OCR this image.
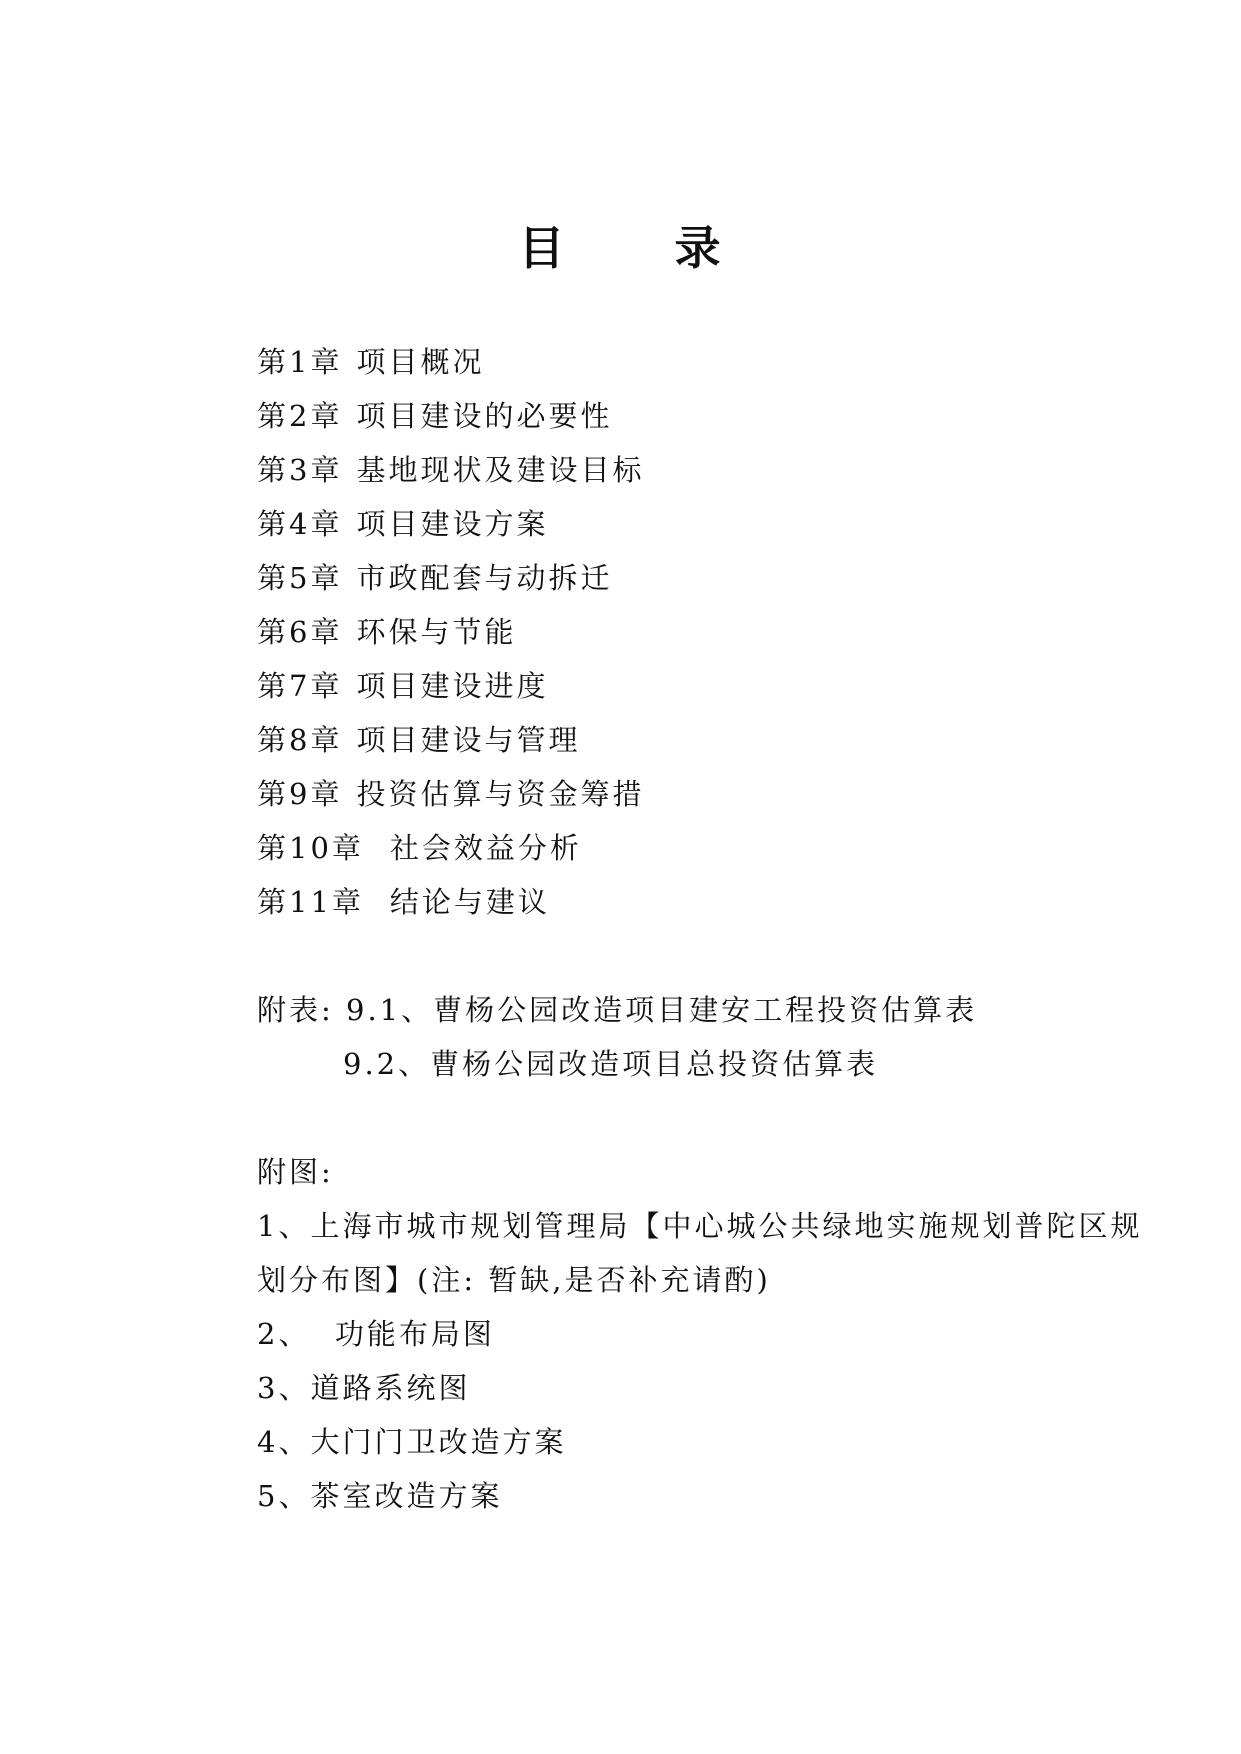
目 录
第1章 项目概况
第2章 项目建设的必要性
第3章 基地现状及建设目标
第4章 项目建设方案
第5章 市政配套与动拆迁
第6章 环保与节能
第7章 项目建设进度
第8章 项目建设与管理
第9章 投资估算与资金筹措
第10章 社会效益分析
第11章 结论与建议
附表: 9.1、曹杨公园改造项目建安工程投资估算表
9.2、曹杨公园改造项目总投资估算表
附图:
1、上海市城市规划管理局【中心城公共绿地实施规划普陀区规
划分布图】(注: 暂缺,是否补充请酌)
2、  功能布局图
3、道路系统图
4、大门门卫改造方案
5、茶室改造方案
